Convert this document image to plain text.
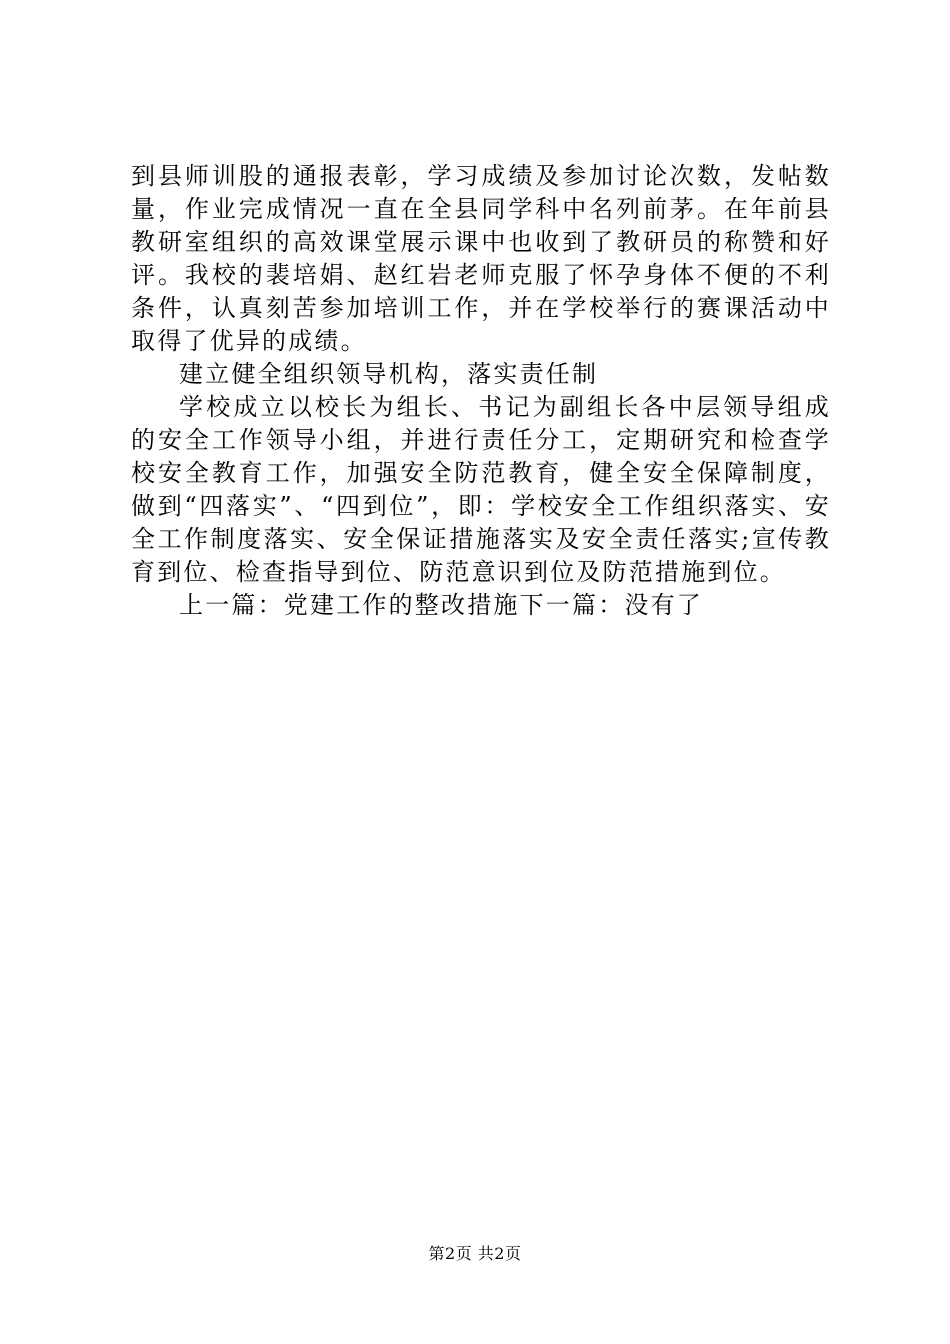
到县师训股的通报表彰，学习成绩及参加讨论次数，发帖数量，作业完成情况一直在全县同学科中名列前茅。在年前县教研室组织的高效课堂展示课中也收到了教研员的称赞和好评。我校的裴培娟、赵红岩老师克服了怀孕身体不便的不利条件，认真刻苦参加培训工作，并在学校举行的赛课活动中取得了优异的成绩。

建立健全组织领导机构，落实责任制

学校成立以校长为组长、书记为副组长各中层领导组成的安全工作领导小组，并进行责任分工，定期研究和检查学校安全教育工作，加强安全防范教育，健全安全保障制度，做到“四落实”、“四到位”，即：学校安全工作组织落实、安全工作制度落实、安全保证措施落实及安全责任落实;宣传教育到位、检查指导到位、防范意识到位及防范措施到位。

上一篇：党建工作的整改措施下一篇：没有了

第2页 共2页
